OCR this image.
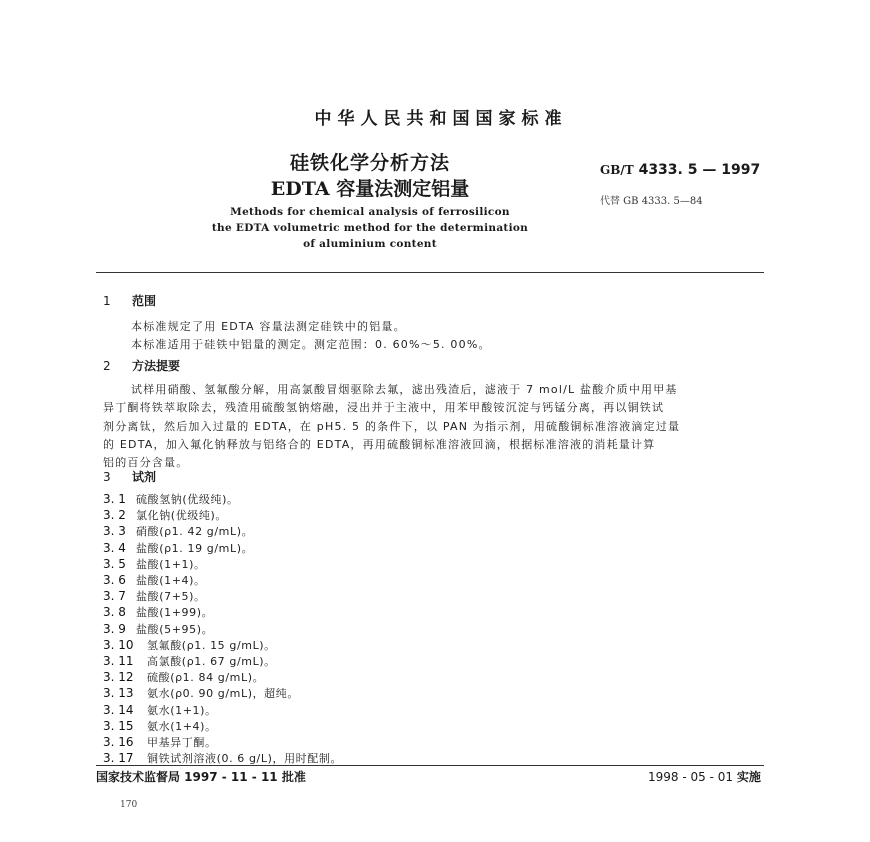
中华人民共和国国家标准
硅铁化学分析方法
EDTA 容量法测定铝量
GB/T 4333. 5 — 1997
代替 GB 4333. 5—84
Methods for chemical analysis of ferrosilicon
the EDTA volumetric method for the determination
of aluminium content
1 范围
本标准规定了用 EDTA 容量法测定硅铁中的铝量。
本标准适用于硅铁中铝量的测定。测定范围：0. 60%～5. 00%。
2 方法提要
试样用硝酸、氢氟酸分解，用高氯酸冒烟驱除去氟，滤出残渣后，滤液于 7 mol/L 盐酸介质中用甲基
异丁酮将铁萃取除去，残渣用硫酸氢钠熔融，浸出并于主液中，用苯甲酸铵沉淀与钙锰分离，再以铜铁试
剂分离钛，然后加入过量的 EDTA，在 pH5. 5 的条件下，以 PAN 为指示剂，用硫酸铜标准溶液滴定过量
的 EDTA，加入氟化钠释放与铝络合的 EDTA，再用硫酸铜标准溶液回滴，根据标准溶液的消耗量计算
铝的百分含量。
3 试剂
3. 1 硫酸氢钠(优级纯)。
3. 2 氯化钠(优级纯)。
3. 3 硝酸(ρ1. 42 g/mL)。
3. 4 盐酸(ρ1. 19 g/mL)。
3. 5 盐酸(1+1)。
3. 6 盐酸(1+4)。
3. 7 盐酸(7+5)。
3. 8 盐酸(1+99)。
3. 9 盐酸(5+95)。
3. 10 氢氟酸(ρ1. 15 g/mL)。
3. 11 高氯酸(ρ1. 67 g/mL)。
3. 12 硫酸(ρ1. 84 g/mL)。
3. 13 氨水(ρ0. 90 g/mL)，超纯。
3. 14 氨水(1+1)。
3. 15 氨水(1+4)。
3. 16 甲基异丁酮。
3. 17 铜铁试剂溶液(0. 6 g/L)，用时配制。
国家技术监督局 1997 - 11 - 11 批准	1998 - 05 - 01 实施
170
